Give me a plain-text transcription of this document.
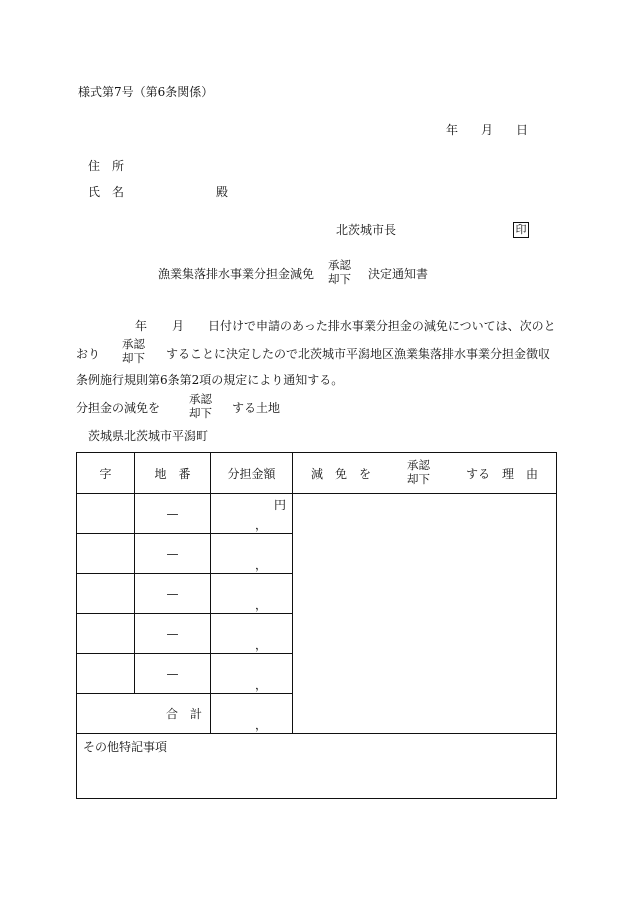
様式第7号（第6条関係）
年 月 日
住　所
氏　名	殿
北茨城市長	印
漁業集落排水事業分担金減免
承認
却下 決定通知書
年 月 日付けで申請のあった排水事業分担金の減免については、次のと
おり
承認
却下 することに決定したので北茨城市平潟地区漁業集落排水事業分担金徴収
条例施行規則第6条第2項の規定により通知する。
分担金の減免を
承認
却下 する土地
茨城県北茨城市平潟町
字	地　番	分担金額	減　免　を
承認
却下 する　理　由

	—	円
，	

	—	，	

	—	，	

	—	，	

	—	，	

合　計		，	

その他特記事項			
